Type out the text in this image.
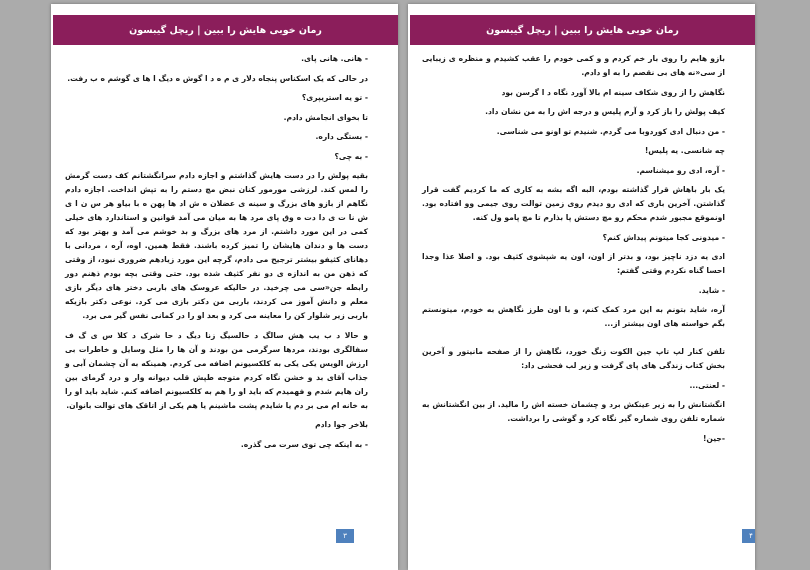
رمان خوبی هایش را ببین | ریچل گیبسون

- هانی. هانی پای.

در حالی که یک اسکناس پنجاه دلار ی م ه د ا گوش ه دیگ ا ها ی گوشم ه ب رفت.

- تو یه استریپری؟

تا بخوای انجامش دادم.

- بستگی داره.

- به چی؟

بقیه پولش را در دست هایش گذاشتم و اجازه دادم سرانگشتانم کف دست گرمش را لمس کند. لرزشی مورمور کنان نبض مچ دستم را به تپش انداخت. اجازه دادم نگاهم از بازو های بزرگ و سینه ی عضلان ه ش اد ها پهن ه با بیاو هر س ن ا ی ش نا ت ی دا دت ه وق پای مرد ها به میان می آمد قوانین و استاندارد های خیلی کمی در این مورد داشتم. از مرد های بزرگ و بد خوشم می آمد و بهتر بود که دست ها و دندان هایشان را تمیز کرده باشند. فقط همین. اوه، آره ، مردانی با دهانای کثیفو بیشتر ترجیح می دادم، گرچه این مورد زیادهم ضروری نبود، از وقتی که ذهن من به اندازه ی دو نفر کثیف شده بود. حتی وقتی بچه بودم ذهنم دور رابطه جن«سی می چرخید. در حالیکه عروسک های باربی دختر های دیگر بازی معلم و دانش آموز می کردند، باربی من دکتر بازی می کرد. نوعی دکتر بازیکه باربی زیر شلوار کن را معاینه می کرد و بعد او را در کمانی نفس گیر می برد.

و حالا د ب یب هش سالگ د حالسیگ زنا دیگ د حا شرک د کلا س ی گ ف سفالگری بودند، مردها سرگرمی من بودند و آن ها را مثل وسایل و خاطرات بی ارزش الویس یکی یکی به کلکسیونم اضافه می کردم. همینکه به آن چشمان آبی و جذاب آقای بد و خشن نگاه کردم متوجه طپش قلب دیوانه وار و درد گرمای بین ران هایم شدم و فهمیدم که باید او را هم به کلکسیونم اضافه کنم. شاید باید او را به خانه ام می بر دم یا شایدم پشت ماشینم یا هم یکی از اتاقک های توالت بانوان.

بلاخر جوا دادم

- به اینکه چی توی سرت می گذره.

۳
رمان خوبی هایش را ببین | ریچل گیبسون

بازو هایم را روی بار خم کردم و و کمی خودم را عقب کشیدم و منظره ی زیبایی از سی«نه های بی نقصم را به او دادم.

نگاهش را از روی شکاف سینه ام بالا آورد نگاه د ا گرسن بود

کیف پولش را باز کرد و آرم پلیس و درجه اش را به من نشان داد.

- من دنبال ادی کوردوبا می گردم. شنیدم تو اونو می شناسی.

چه شانسی. یه پلیس!

- آره، ادی رو میشناسم.

یک بار باهاش قرار گذاشته بودم، البه اگه بشه به کاری که ما کردیم گفت قرار گذاشتن. آخرین باری که ادی رو دیدم روی زمین توالت روی جیمی وو افتاده بود. اونموقع مجبور شدم محکم رو مچ دستش پا بذارم تا مچ پامو ول کنه.

- میدونی کجا میتونم پیداش کنم؟

ادی یه دزد ناچیز بود، و بدتر از اون، اون یه شپشوی کثیف بود. و اصلا عذا وجدا احسا گناه نکردم وقتی گفتم:

- شاید.

آره، شاید بتونم به این مرد کمک کنم، و با اون طرز نگاهش به خودم، میتونستم بگم خواسته های اون بیشتر از...

تلفن کنار لپ تاپ جین الکوت زنگ خورد، نگاهش را از صفحه مانیتور و آخرین بخش کتاب زندگی های پای گرفت و زیر لب فحشی داد:

- لعنتی...

انگشتانش را به زیر عینکش برد و چشمان خسته اش را مالید. از بین انگشتانش به شماره تلفن روی شماره گیر نگاه کرد و گوشی را برداشت.

-جین!

۴
